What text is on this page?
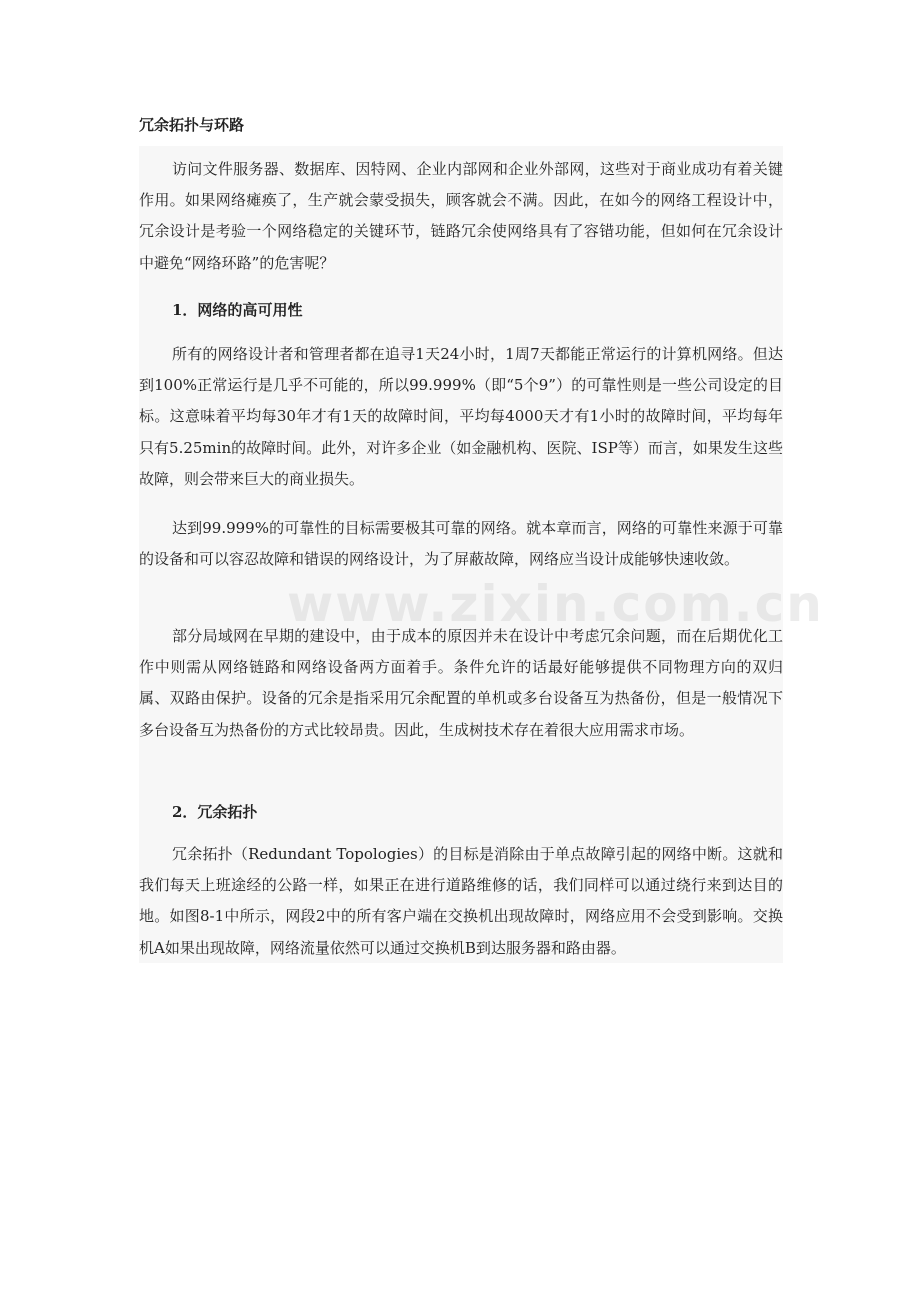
冗余拓扑与环路

访问文件服务器、数据库、因特网、企业内部网和企业外部网，这些对于商业成功有着关键作用。如果网络瘫痪了，生产就会蒙受损失，顾客就会不满。因此，在如今的网络工程设计中，冗余设计是考验一个网络稳定的关键环节，链路冗余使网络具有了容错功能，但如何在冗余设计中避免“网络环路”的危害呢？

1．网络的高可用性

所有的网络设计者和管理者都在追寻1天24小时，1周7天都能正常运行的计算机网络。但达到100%正常运行是几乎不可能的，所以99.999%（即“5个9”）的可靠性则是一些公司设定的目标。这意味着平均每30年才有1天的故障时间，平均每4000天才有1小时的故障时间，平均每年只有5.25min的故障时间。此外，对许多企业（如金融机构、医院、ISP等）而言，如果发生这些故障，则会带来巨大的商业损失。

达到99.999%的可靠性的目标需要极其可靠的网络。就本章而言，网络的可靠性来源于可靠的设备和可以容忍故障和错误的网络设计，为了屏蔽故障，网络应当设计成能够快速收敛。

部分局域网在早期的建设中，由于成本的原因并未在设计中考虑冗余问题，而在后期优化工作中则需从网络链路和网络设备两方面着手。条件允许的话最好能够提供不同物理方向的双归属、双路由保护。设备的冗余是指采用冗余配置的单机或多台设备互为热备份，但是一般情况下多台设备互为热备份的方式比较昂贵。因此，生成树技术存在着很大应用需求市场。

2．冗余拓扑

冗余拓扑（Redundant Topologies）的目标是消除由于单点故障引起的网络中断。这就和我们每天上班途经的公路一样，如果正在进行道路维修的话，我们同样可以通过绕行来到达目的地。如图8-1中所示，网段2中的所有客户端在交换机出现故障时，网络应用不会受到影响。交换机A如果出现故障，网络流量依然可以通过交换机B到达服务器和路由器。

www.zixin.com.cn
